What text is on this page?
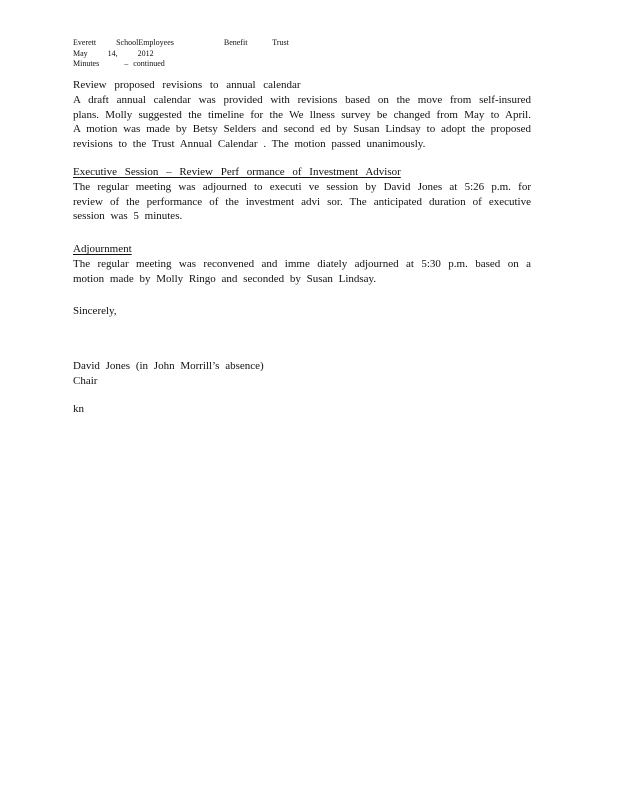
Everett    SchoolEmployees          Benefit     Trust
May    14,    2012
Minutes     – continued
Review proposed revisions to annual calendar
A draft annual calendar was provided with revisions based on the move from self-insured plans. Molly suggested the timeline for the We llness survey be changed from May to April. A motion was made by Betsy Selders and second ed by Susan Lindsay to adopt the proposed revisions to the Trust Annual Calendar . The motion passed unanimously.
Executive Session – Review Perf ormance of Investment Advisor
The regular meeting was adjourned to executi ve session by David Jones at 5:26 p.m. for review of the performance of the investment advi sor. The anticipated duration of executive session was 5 minutes.
Adjournment
The regular meeting was reconvened and imme diately adjourned at 5:30 p.m. based on a motion made by Molly Ringo and seconded by Susan Lindsay.
Sincerely,
David Jones (in John Morrill’s absence)
Chair
kn
